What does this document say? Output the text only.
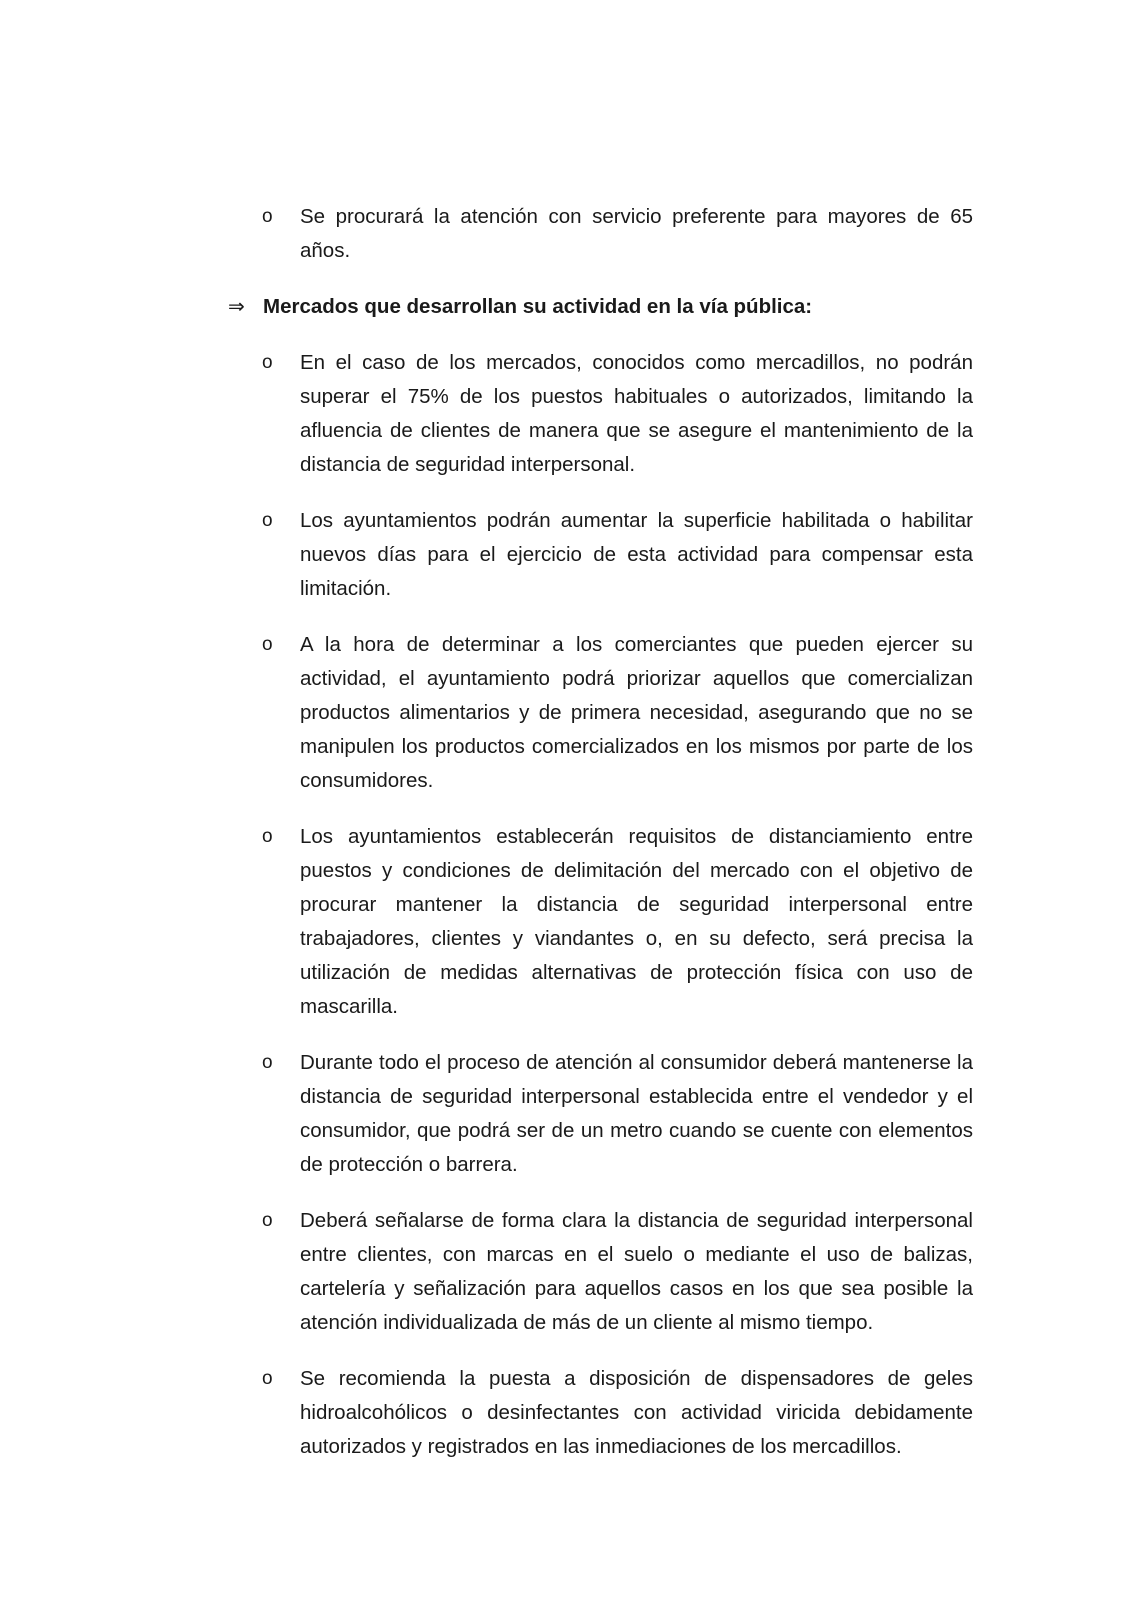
o	Se procurará la atención con servicio preferente para mayores de 65 años.
⇒ Mercados que desarrollan su actividad en la vía pública:
o	En el caso de los mercados, conocidos como mercadillos, no podrán superar el 75% de los puestos habituales o autorizados, limitando la afluencia de clientes de manera que se asegure el mantenimiento de la distancia de seguridad interpersonal.
o	Los ayuntamientos podrán aumentar la superficie habilitada o habilitar nuevos días para el ejercicio de esta actividad para compensar esta limitación.
o	A la hora de determinar a los comerciantes que pueden ejercer su actividad, el ayuntamiento podrá priorizar aquellos que comercializan productos alimentarios y de primera necesidad, asegurando que no se manipulen los productos comercializados en los mismos por parte de los consumidores.
o	Los ayuntamientos establecerán requisitos de distanciamiento entre puestos y condiciones de delimitación del mercado con el objetivo de procurar mantener la distancia de seguridad interpersonal entre trabajadores, clientes y viandantes o, en su defecto, será precisa la utilización de medidas alternativas de protección física con uso de mascarilla.
o	Durante todo el proceso de atención al consumidor deberá mantenerse la distancia de seguridad interpersonal establecida entre el vendedor y el consumidor, que podrá ser de un metro cuando se cuente con elementos de protección o barrera.
o	Deberá señalarse de forma clara la distancia de seguridad interpersonal entre clientes, con marcas en el suelo o mediante el uso de balizas, cartelería y señalización para aquellos casos en los que sea posible la atención individualizada de más de un cliente al mismo tiempo.
o	Se recomienda la puesta a disposición de dispensadores de geles hidroalcohólicos o desinfectantes con actividad viricida debidamente autorizados y registrados en las inmediaciones de los mercadillos.
